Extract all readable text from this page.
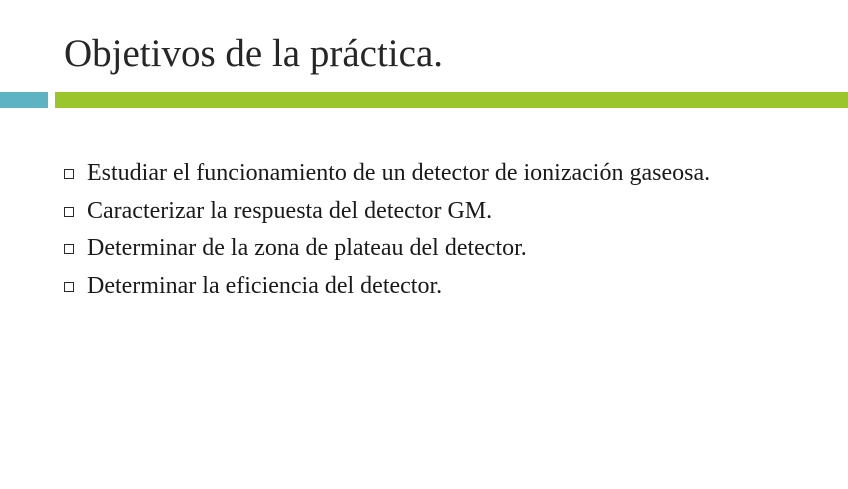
Objetivos de la práctica.
Estudiar el funcionamiento de un detector de ionización gaseosa.
Caracterizar la respuesta del detector GM.
Determinar de la zona de plateau del detector.
Determinar la eficiencia del detector.
